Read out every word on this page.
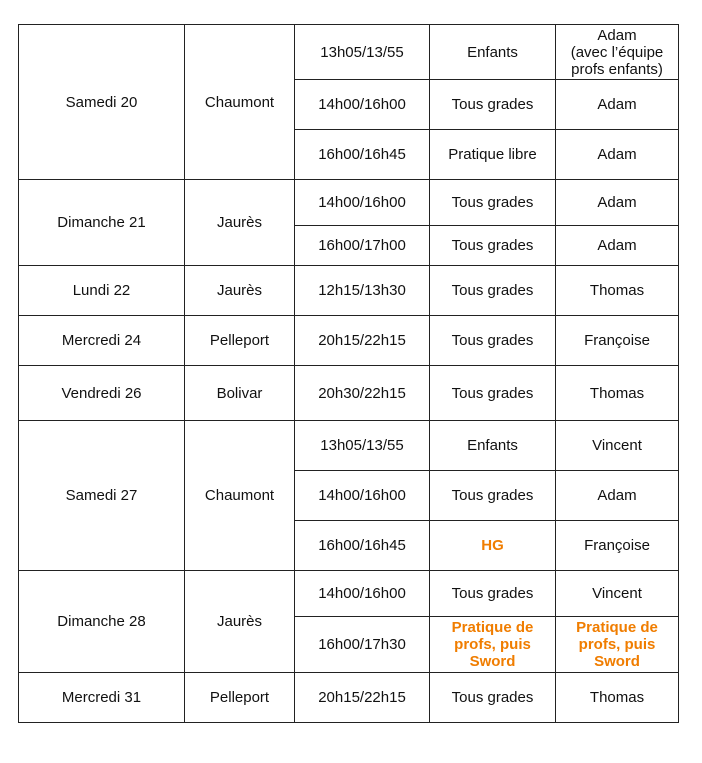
Samedi 20	Chaumont	13h05/13/55	Enfants	Adam
(avec l’équipe profs enfants)
		14h00/16h00	Tous grades	Adam
		16h00/16h45	Pratique libre	Adam
Dimanche 21	Jaurès	14h00/16h00	Tous grades	Adam
		16h00/17h00	Tous grades	Adam
Lundi 22	Jaurès	12h15/13h30	Tous grades	Thomas
Mercredi 24	Pelleport	20h15/22h15	Tous grades	Françoise
Vendredi 26	Bolivar	20h30/22h15	Tous grades	Thomas
Samedi 27	Chaumont	13h05/13/55	Enfants	Vincent
		14h00/16h00	Tous grades	Adam
		16h00/16h45	HG	Françoise
Dimanche 28	Jaurès	14h00/16h00	Tous grades	Vincent
		16h00/17h30	Pratique de profs, puis Sword	Pratique de profs, puis Sword
Mercredi 31	Pelleport	20h15/22h15	Tous grades	Thomas
